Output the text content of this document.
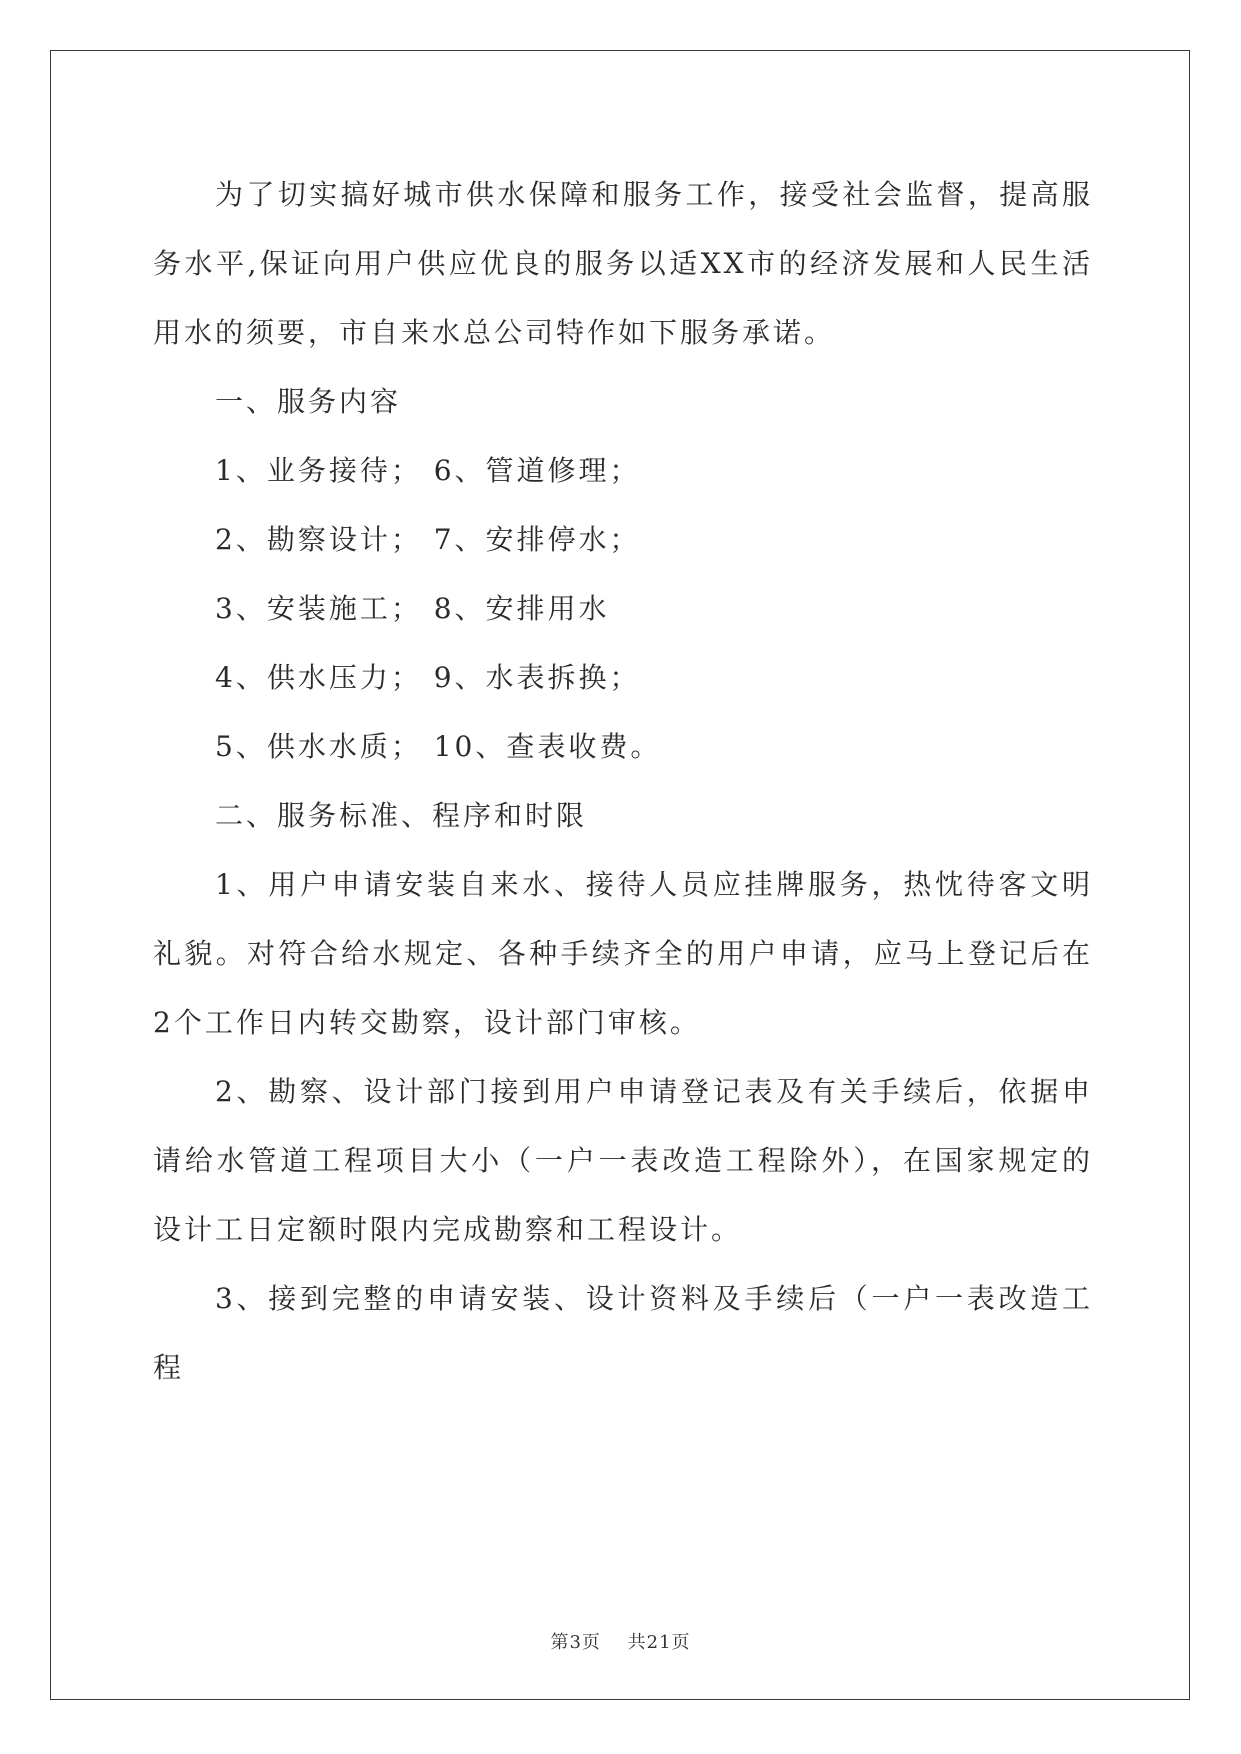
为了切实搞好城市供水保障和服务工作，接受社会监督，提高服务水平,保证向用户供应优良的服务以适XX市的经济发展和人民生活用水的须要，市自来水总公司特作如下服务承诺。

一、服务内容

1、业务接待； 6、管道修理；

2、勘察设计； 7、安排停水；

3、安装施工； 8、安排用水

4、供水压力； 9、水表拆换；

5、供水水质； 10、查表收费。

二、服务标准、程序和时限

1、用户申请安装自来水、接待人员应挂牌服务，热忱待客文明礼貌。对符合给水规定、各种手续齐全的用户申请，应马上登记后在2个工作日内转交勘察，设计部门审核。

2、勘察、设计部门接到用户申请登记表及有关手续后，依据申请给水管道工程项目大小（一户一表改造工程除外），在国家规定的设计工日定额时限内完成勘察和工程设计。

3、接到完整的申请安装、设计资料及手续后（一户一表改造工程

第3页 共21页
